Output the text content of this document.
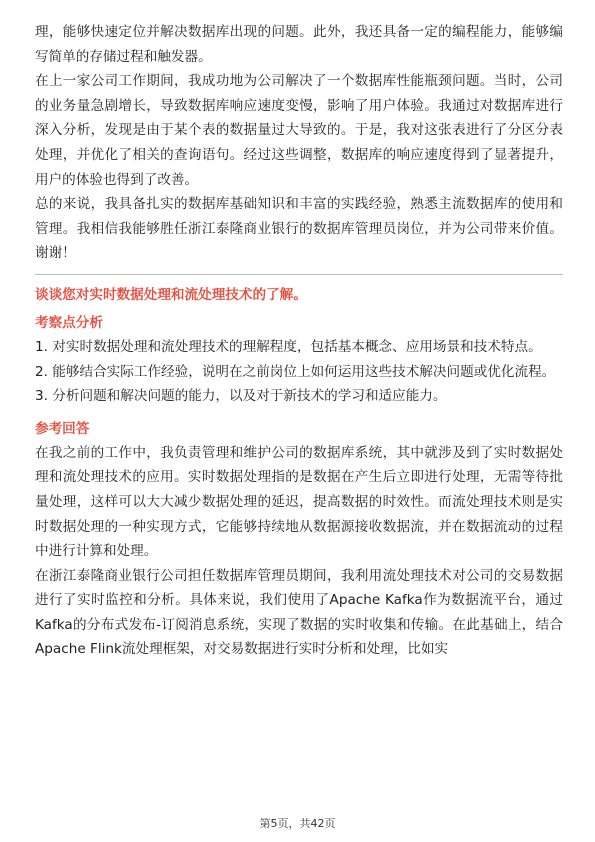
理，能够快速定位并解决数据库出现的问题。此外，我还具备一定的编程能力，能够编写简单的存储过程和触发器。

在上一家公司工作期间，我成功地为公司解决了一个数据库性能瓶颈问题。当时，公司的业务量急剧增长，导致数据库响应速度变慢，影响了用户体验。我通过对数据库进行深入分析，发现是由于某个表的数据量过大导致的。于是，我对这张表进行了分区分表处理，并优化了相关的查询语句。经过这些调整，数据库的响应速度得到了显著提升，用户的体验也得到了改善。

总的来说，我具备扎实的数据库基础知识和丰富的实践经验，熟悉主流数据库的使用和管理。我相信我能够胜任浙江泰隆商业银行的数据库管理员岗位，并为公司带来价值。谢谢！

谈谈您对实时数据处理和流处理技术的了解。

考察点分析

1. 对实时数据处理和流处理技术的理解程度，包括基本概念、应用场景和技术特点。

2. 能够结合实际工作经验，说明在之前岗位上如何运用这些技术解决问题或优化流程。

3. 分析问题和解决问题的能力，以及对于新技术的学习和适应能力。

参考回答

在我之前的工作中，我负责管理和维护公司的数据库系统，其中就涉及到了实时数据处理和流处理技术的应用。实时数据处理指的是数据在产生后立即进行处理，无需等待批量处理，这样可以大大减少数据处理的延迟，提高数据的时效性。而流处理技术则是实时数据处理的一种实现方式，它能够持续地从数据源接收数据流，并在数据流动的过程中进行计算和处理。

在浙江泰隆商业银行公司担任数据库管理员期间，我利用流处理技术对公司的交易数据进行了实时监控和分析。具体来说，我们使用了Apache Kafka作为数据流平台，通过Kafka的分布式发布-订阅消息系统，实现了数据的实时收集和传输。在此基础上，结合Apache Flink流处理框架，对交易数据进行实时分析和处理，比如实

第5页，共42页
